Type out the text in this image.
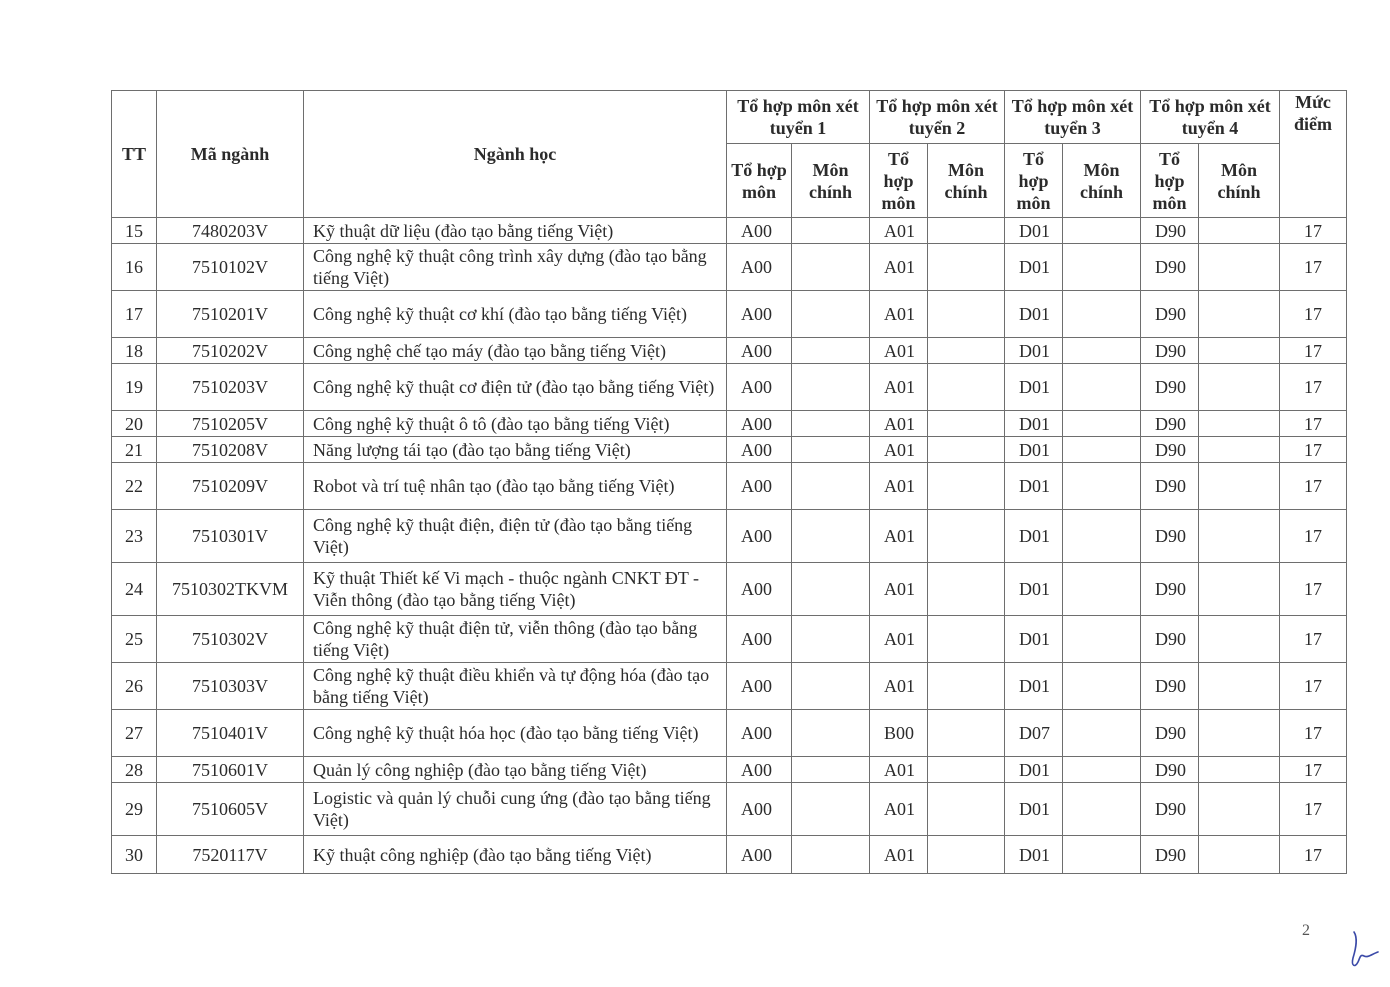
TT	Mã ngành	Ngành học	Tổ hợp môn xét tuyển 1		Tổ hợp môn xét tuyển 2		Tổ hợp môn xét tuyển 3		Tổ hợp môn xét tuyển 4		Mức điểm
			Tổ hợp môn	Môn chính	Tổ hợp môn	Môn chính	Tổ hợp môn	Môn chính	Tổ hợp môn	Môn chính	
15	7480203V	Kỹ thuật dữ liệu (đào tạo bằng tiếng Việt)	A00		A01		D01		D90		17
16	7510102V	Công nghệ kỹ thuật công trình xây dựng (đào tạo bằng tiếng Việt)	A00		A01		D01		D90		17
17	7510201V	Công nghệ kỹ thuật cơ khí (đào tạo bằng tiếng Việt)	A00		A01		D01		D90		17
18	7510202V	Công nghệ chế tạo máy (đào tạo bằng tiếng Việt)	A00		A01		D01		D90		17
19	7510203V	Công nghệ kỹ thuật cơ điện tử (đào tạo bằng tiếng Việt)	A00		A01		D01		D90		17
20	7510205V	Công nghệ kỹ thuật ô tô (đào tạo bằng tiếng Việt)	A00		A01		D01		D90		17
21	7510208V	Năng lượng tái tạo (đào tạo bằng tiếng Việt)	A00		A01		D01		D90		17
22	7510209V	Robot và trí tuệ nhân tạo (đào tạo bằng tiếng Việt)	A00		A01		D01		D90		17
23	7510301V	Công nghệ kỹ thuật điện, điện tử (đào tạo bằng tiếng Việt)	A00		A01		D01		D90		17
24	7510302TKVM	Kỹ thuật Thiết kế Vi mạch - thuộc ngành CNKT ĐT - Viễn thông (đào tạo bằng tiếng Việt)	A00		A01		D01		D90		17
25	7510302V	Công nghệ kỹ thuật điện tử, viễn thông (đào tạo bằng tiếng Việt)	A00		A01		D01		D90		17
26	7510303V	Công nghệ kỹ thuật điều khiển và tự động hóa (đào tạo bằng tiếng Việt)	A00		A01		D01		D90		17
27	7510401V	Công nghệ kỹ thuật hóa học (đào tạo bằng tiếng Việt)	A00		B00		D07		D90		17
28	7510601V	Quản lý công nghiệp (đào tạo bằng tiếng Việt)	A00		A01		D01		D90		17
29	7510605V	Logistic và quản lý chuỗi cung ứng (đào tạo bằng tiếng Việt)	A00		A01		D01		D90		17
30	7520117V	Kỹ thuật công nghiệp (đào tạo bằng tiếng Việt)	A00		A01		D01		D90		17
2
